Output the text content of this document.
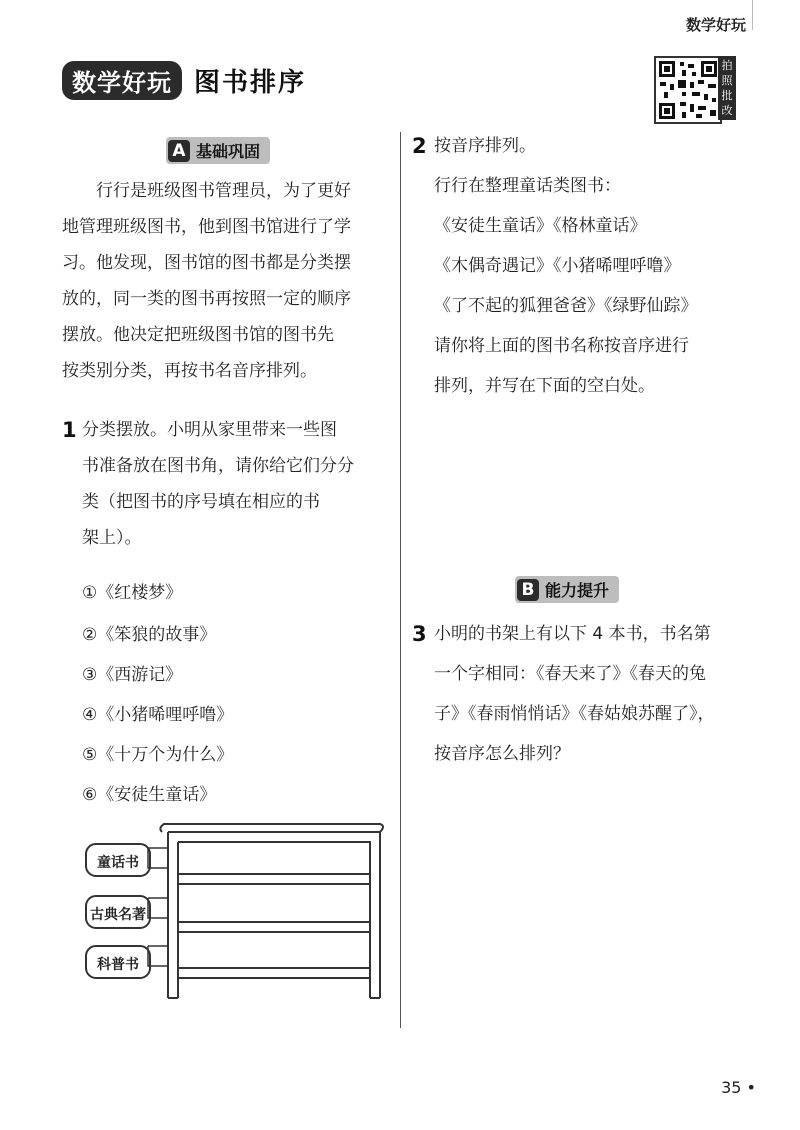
数学好玩
数学好玩 图书排序
拍照批改
A 基础巩固
行行是班级图书管理员，为了更好
地管理班级图书，他到图书馆进行了学
习。他发现，图书馆的图书都是分类摆
放的，同一类的图书再按照一定的顺序
摆放。他决定把班级图书馆的图书先
按类别分类，再按书名音序排列。
1 分类摆放。小明从家里带来一些图
书准备放在图书角，请你给它们分分
类（把图书的序号填在相应的书
架上）。
①《红楼梦》
②《笨狼的故事》
③《西游记》
④《小猪唏哩呼噜》
⑤《十万个为什么》
⑥《安徒生童话》
童话书
古典名著
科普书
2 按音序排列。
行行在整理童话类图书：
《安徒生童话》《格林童话》
《木偶奇遇记》《小猪唏哩呼噜》
《了不起的狐狸爸爸》《绿野仙踪》
请你将上面的图书名称按音序进行
排列，并写在下面的空白处。
B 能力提升
3 小明的书架上有以下 4 本书，书名第
一个字相同：《春天来了》《春天的兔
子》《春雨悄悄话》《春姑娘苏醒了》，
按音序怎么排列？
35 •
